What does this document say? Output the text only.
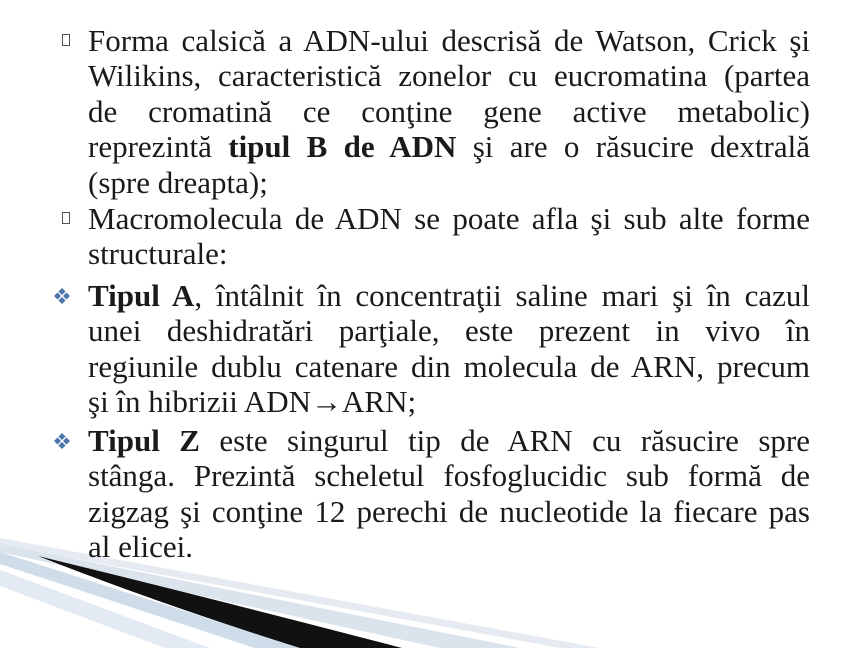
Forma calsică a ADN-ului descrisă de Watson, Crick şi
Wilikins, caracteristică zonelor cu eucromatina (partea
de cromatină ce conţine gene active metabolic)
reprezintă tipul B de ADN şi are o răsucire dextrală
(spre dreapta);
Macromolecula de ADN se poate afla şi sub alte forme
structurale:
Tipul A, întâlnit în concentraţii saline mari şi în cazul
unei deshidratări parţiale, este prezent in vivo în
regiunile dublu catenare din molecula de ARN, precum
şi în hibrizii ADN→ARN;
Tipul Z este singurul tip de ARN cu răsucire spre
stânga. Prezintă scheletul fosfoglucidic sub formă de
zigzag şi conţine 12 perechi de nucleotide la fiecare pas
al elicei.
